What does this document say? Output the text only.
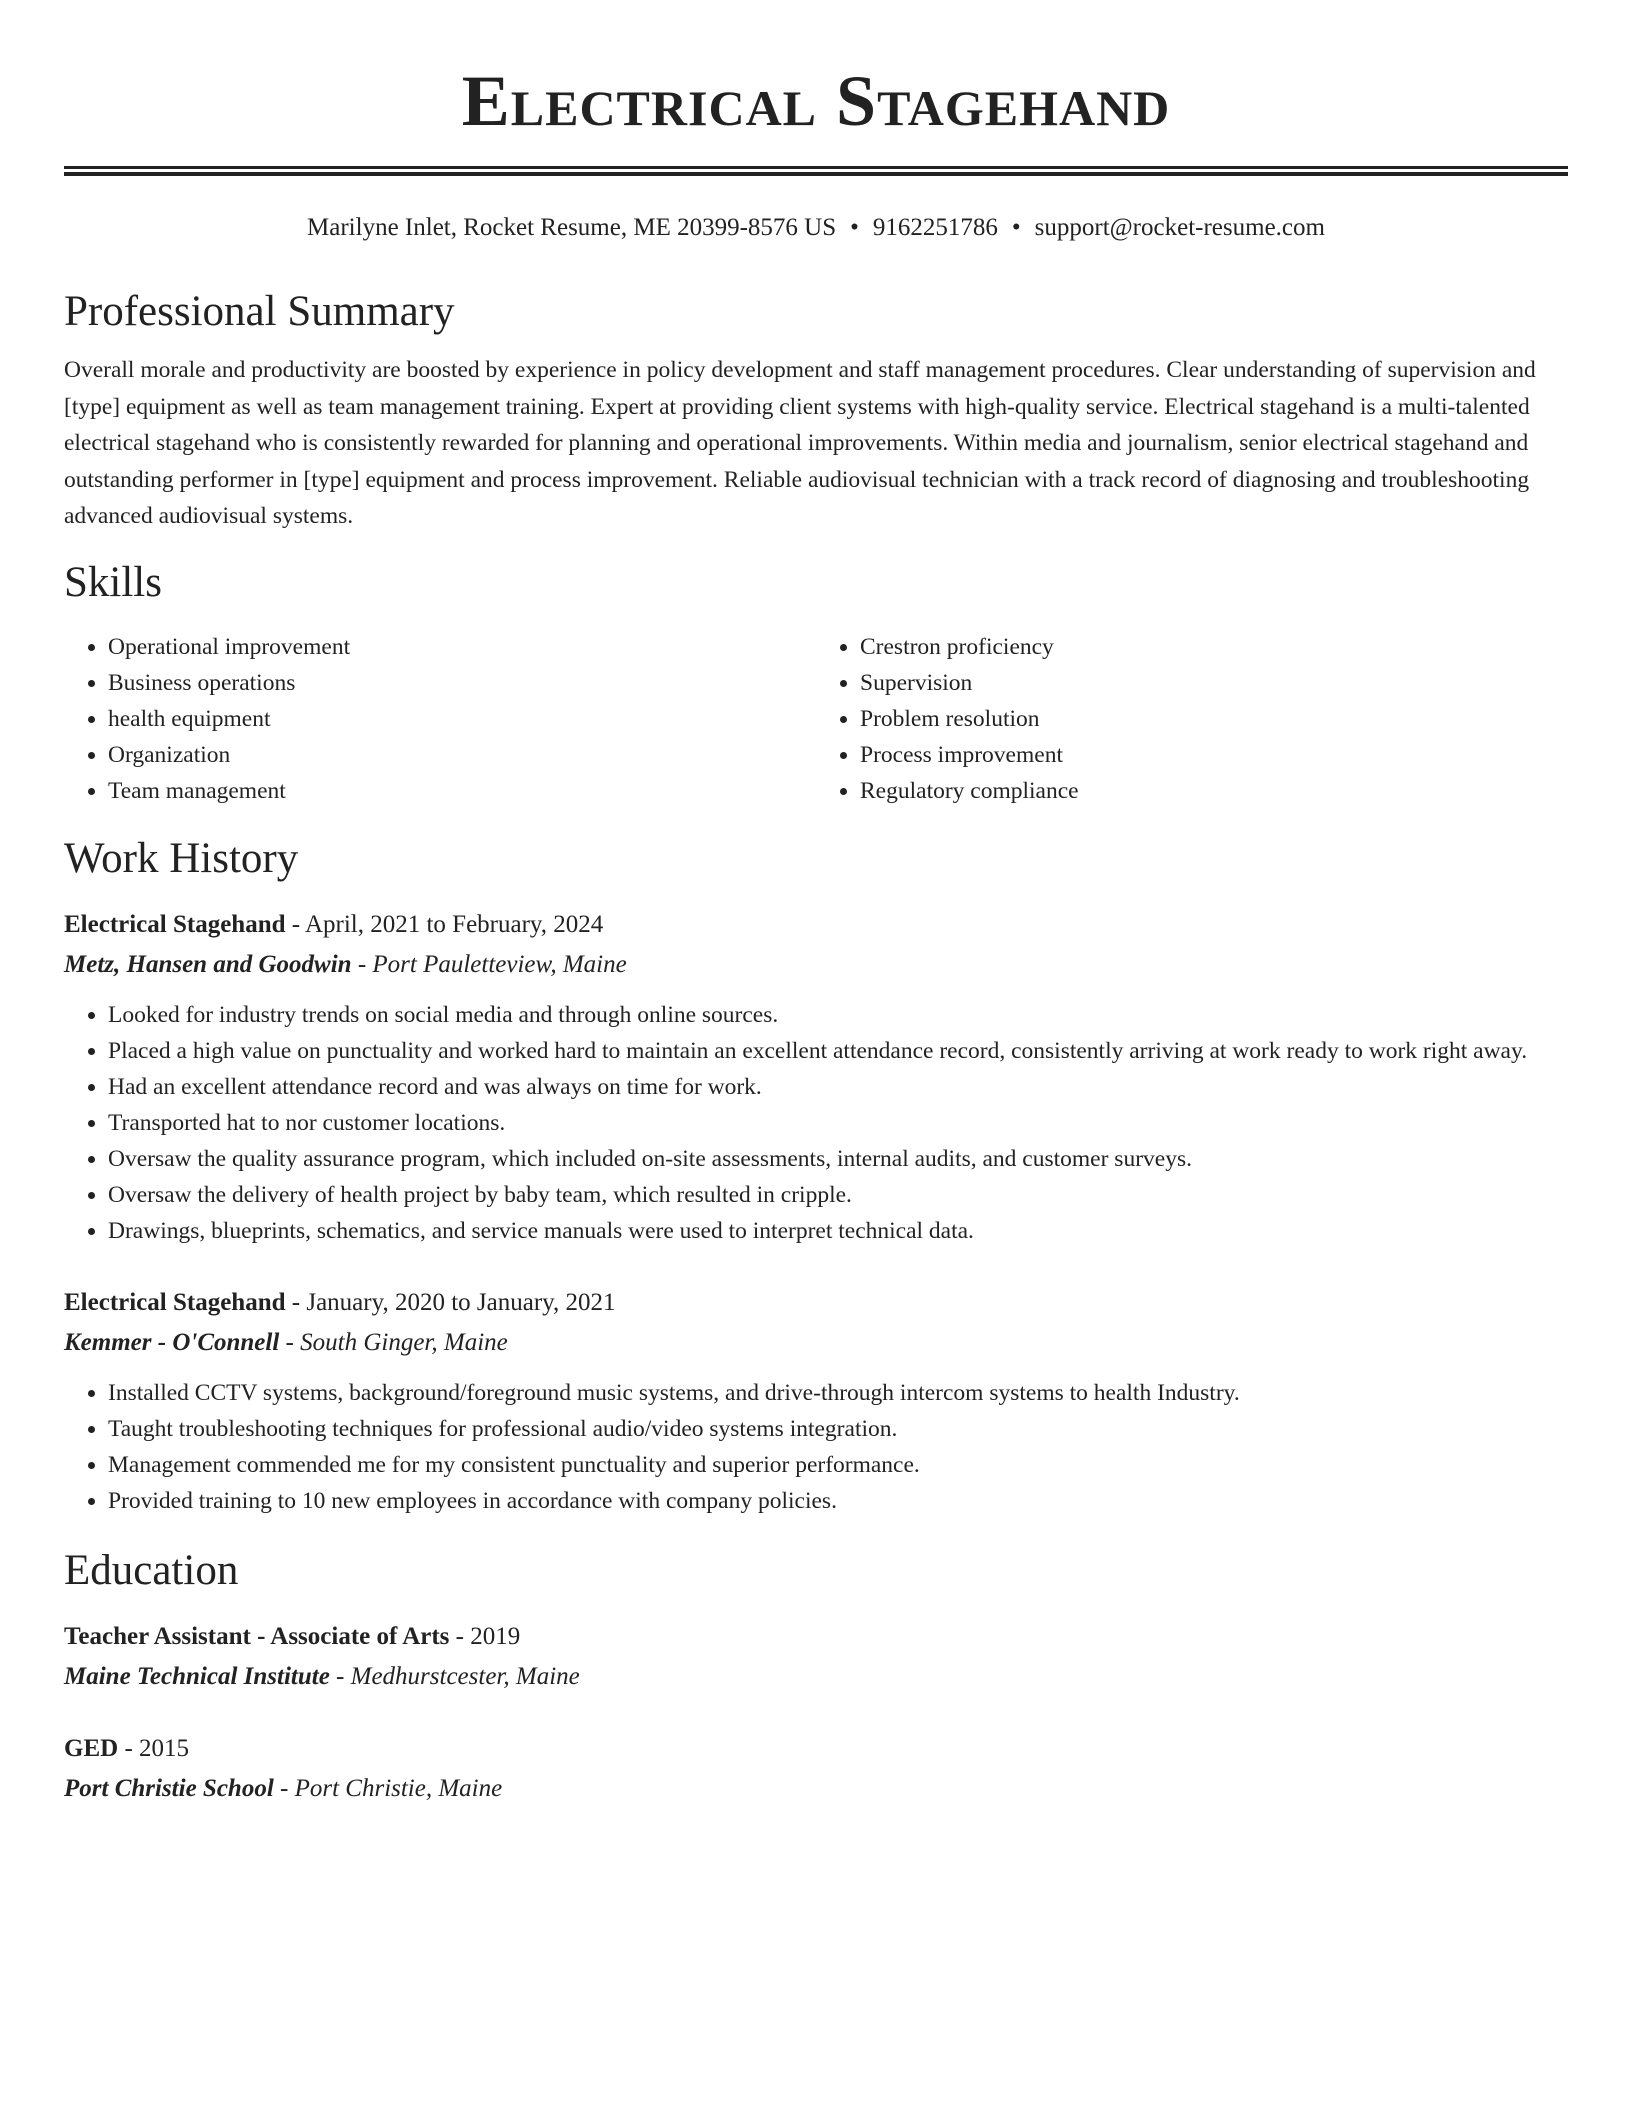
Electrical Stagehand
Marilyne Inlet, Rocket Resume, ME 20399-8576 US • 9162251786 • support@rocket-resume.com
Professional Summary
Overall morale and productivity are boosted by experience in policy development and staff management procedures. Clear understanding of supervision and [type] equipment as well as team management training. Expert at providing client systems with high-quality service. Electrical stagehand is a multi-talented electrical stagehand who is consistently rewarded for planning and operational improvements. Within media and journalism, senior electrical stagehand and outstanding performer in [type] equipment and process improvement. Reliable audiovisual technician with a track record of diagnosing and troubleshooting advanced audiovisual systems.
Skills
• Operational improvement
• Business operations
• health equipment
• Organization
• Team management
• Crestron proficiency
• Supervision
• Problem resolution
• Process improvement
• Regulatory compliance
Work History
Electrical Stagehand - April, 2021 to February, 2024
Metz, Hansen and Goodwin - Port Pauletteview, Maine
• Looked for industry trends on social media and through online sources.
• Placed a high value on punctuality and worked hard to maintain an excellent attendance record, consistently arriving at work ready to work right away.
• Had an excellent attendance record and was always on time for work.
• Transported hat to nor customer locations.
• Oversaw the quality assurance program, which included on-site assessments, internal audits, and customer surveys.
• Oversaw the delivery of health project by baby team, which resulted in cripple.
• Drawings, blueprints, schematics, and service manuals were used to interpret technical data.
Electrical Stagehand - January, 2020 to January, 2021
Kemmer - O'Connell - South Ginger, Maine
• Installed CCTV systems, background/foreground music systems, and drive-through intercom systems to health Industry.
• Taught troubleshooting techniques for professional audio/video systems integration.
• Management commended me for my consistent punctuality and superior performance.
• Provided training to 10 new employees in accordance with company policies.
Education
Teacher Assistant - Associate of Arts - 2019
Maine Technical Institute - Medhurstcester, Maine
GED - 2015
Port Christie School - Port Christie, Maine
